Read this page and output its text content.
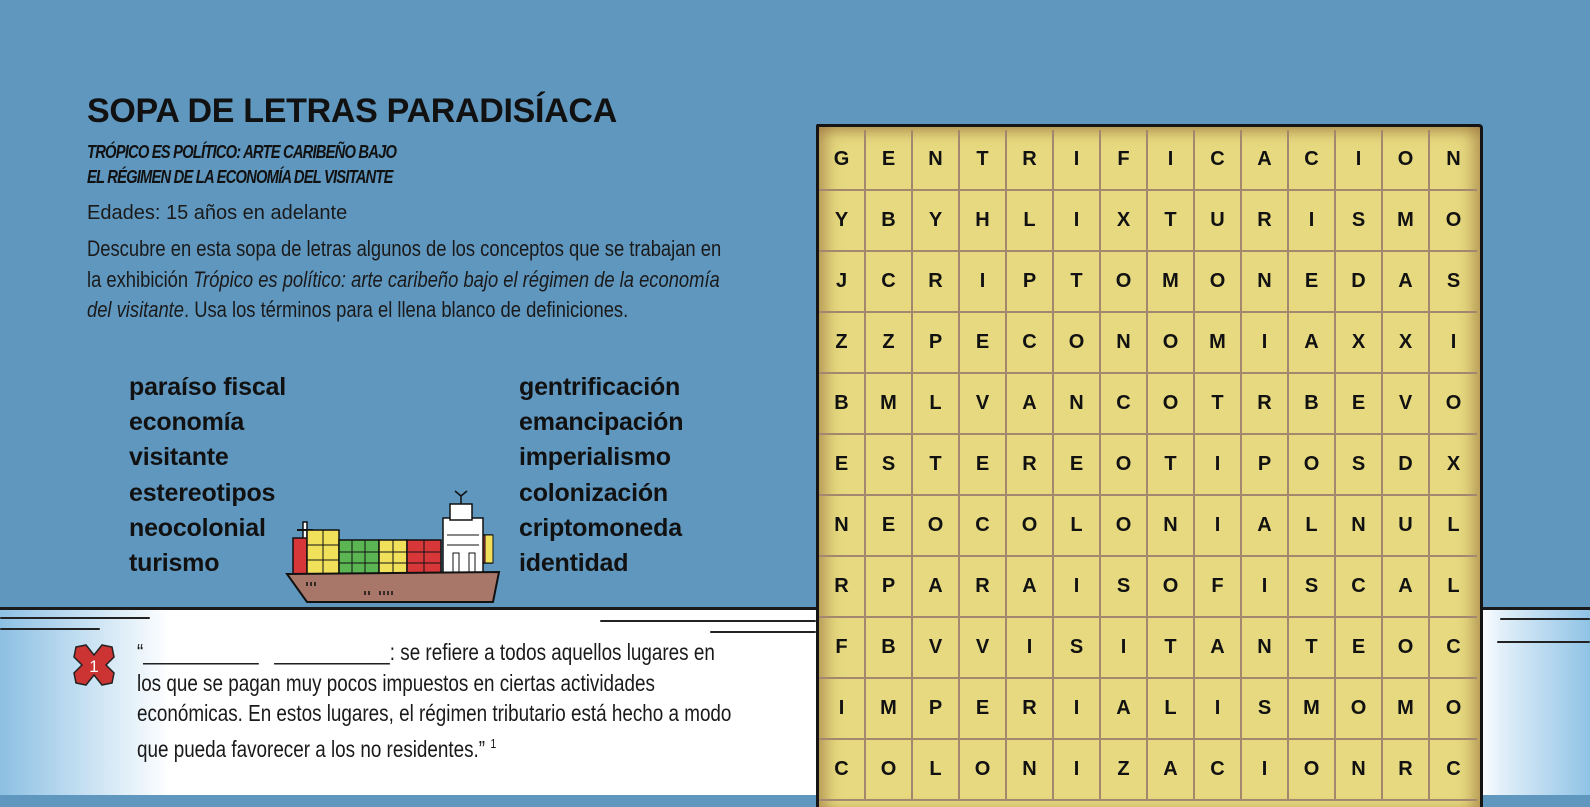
SOPA DE LETRAS PARADISÍACA
TRÓPICO ES POLÍTICO: ARTE CARIBEÑO BAJO
EL RÉGIMEN DE LA ECONOMÍA DEL VISITANTE

Edades: 15 años en adelante

Descubre en esta sopa de letras algunos de los conceptos que se trabajan en la exhibición Trópico es político: arte caribeño bajo el régimen de la economía del visitante. Usa los términos para el llena blanco de definiciones.

paraíso fiscal
economía
visitante
estereotipos
neocolonial
turismo
gentrificación
emancipación
imperialismo
colonización
criptomoneda
identidad
1

“___________ ___________: se refiere a todos aquellos lugares en los que se pagan muy pocos impuestos en ciertas actividades económicas. En estos lugares, el régimen tributario está hecho a modo que pueda favorecer a los no residentes.” $^1$

G	E	N	T	R	I	F	I	C	A	C	I	O	N
Y	B	Y	H	L	I	X	T	U	R	I	S	M	O
J	C	R	I	P	T	O	M	O	N	E	D	A	S
Z	Z	P	E	C	O	N	O	M	I	A	X	X	I
B	M	L	V	A	N	C	O	T	R	B	E	V	O
E	S	T	E	R	E	O	T	I	P	O	S	D	X
N	E	O	C	O	L	O	N	I	A	L	N	U	L
R	P	A	R	A	I	S	O	F	I	S	C	A	L
F	B	V	V	I	S	I	T	A	N	T	E	O	C
I	M	P	E	R	I	A	L	I	S	M	O	M	O
C	O	L	O	N	I	Z	A	C	I	O	N	R	C
